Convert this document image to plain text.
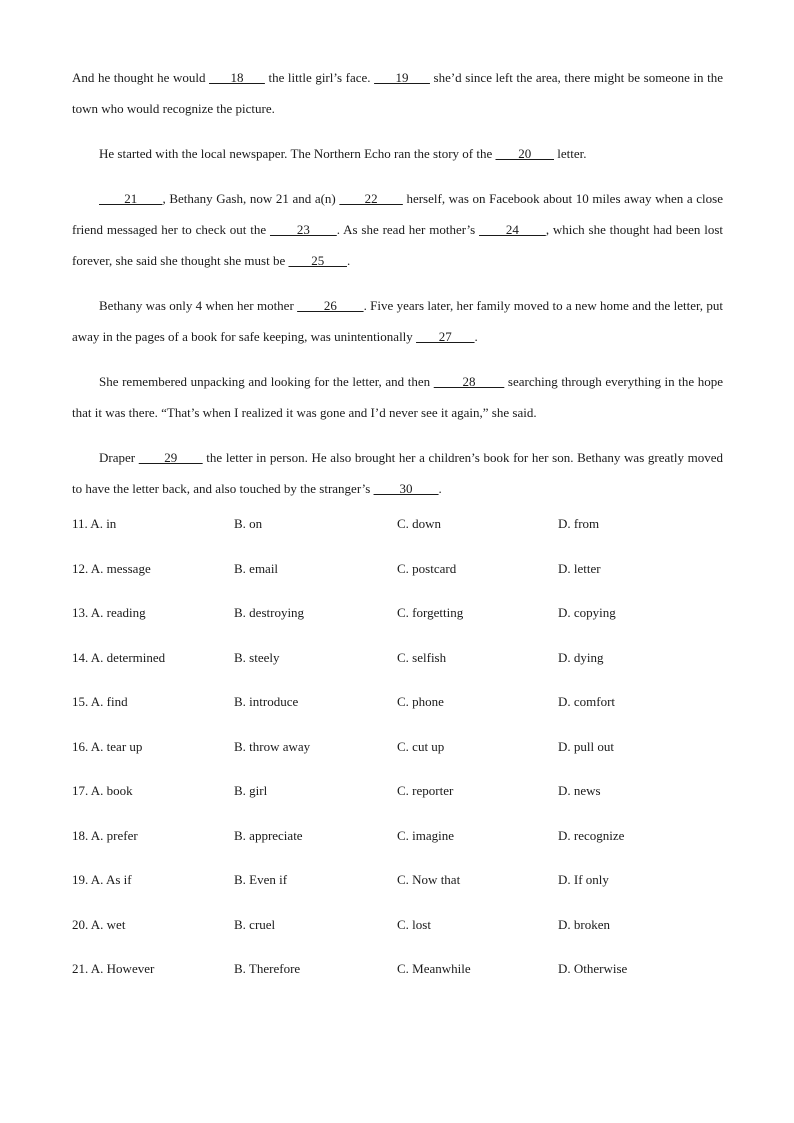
And he thought he would       18       the little girl’s face.       19       she’d since left the area, there might be someone in the town who would recognize the picture.

He started with the local newspaper. The Northern Echo ran the story of the        20        letter.

21       , Bethany Gash, now 21 and a(n)        22        herself, was on Facebook about 10 miles away when a close friend messaged her to check out the        23       . As she read her mother’s        24       , which she thought had been lost forever, she said she thought she must be        25       .

Bethany was only 4 when her mother         26        . Five years later, her family moved to a new home and the letter, put away in the pages of a book for safe keeping, was unintentionally        27       .

She remembered unpacking and looking for the letter, and then         28         searching through everything in the hope that it was there. “That’s when I realized it was gone and I’d never see it again,” she said.

Draper        29        the letter in person. He also brought her a children’s book for her son. Bethany was greatly moved to have the letter back, and also touched by the stranger’s         30        .

11. A. in	B. on	C. down	D. from
12. A. message	B. email	C. postcard	D. letter
13. A. reading	B. destroying	C. forgetting	D. copying
14. A. determined	B. steely	C. selfish	D. dying
15. A. find	B. introduce	C. phone	D. comfort
16. A. tear up	B. throw away	C. cut up	D. pull out
17. A. book	B. girl	C. reporter	D. news
18. A. prefer	B. appreciate	C. imagine	D. recognize
19. A. As if	B. Even if	C. Now that	D. If only
20. A. wet	B. cruel	C. lost	D. broken
21. A. However	B. Therefore	C. Meanwhile	D. Otherwise
